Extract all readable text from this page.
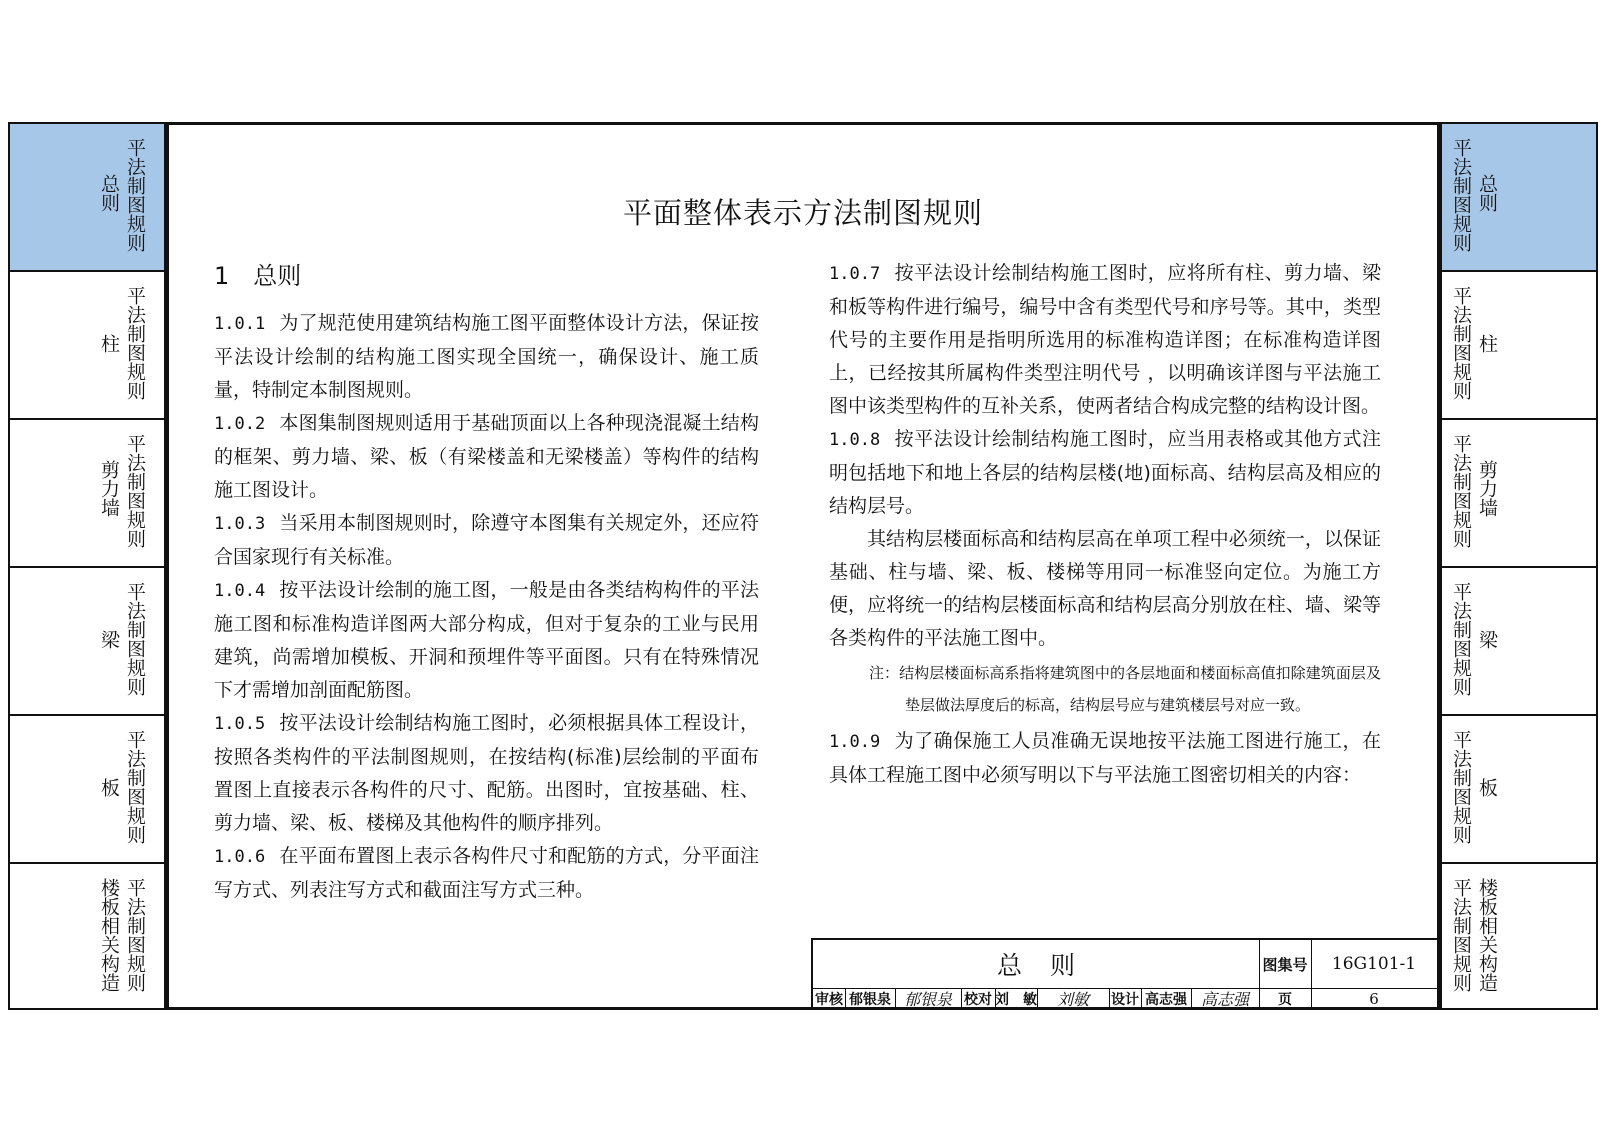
平法制图规则
总则
平法制图规则
柱
平法制图规则
剪力墙
平法制图规则
梁
平法制图规则
板
平法制图规则
楼板相关构造
平法制图规则 总则
平法制图规则 柱
平法制图规则 剪力墙
平法制图规则 梁
平法制图规则 板
平法制图规则 楼板相关构造
平面整体表示方法制图规则
1　总则

1.0.1 为了规范使用建筑结构施工图平面整体设计方法，保证按平法设计绘制的结构施工图实现全国统一，确保设计、施工质量，特制定本制图规则。

1.0.2 本图集制图规则适用于基础顶面以上各种现浇混凝土结构的框架、剪力墙、梁、板（有梁楼盖和无梁楼盖）等构件的结构施工图设计。

1.0.3 当采用本制图规则时，除遵守本图集有关规定外，还应符合国家现行有关标准。

1.0.4 按平法设计绘制的施工图，一般是由各类结构构件的平法施工图和标准构造详图两大部分构成，但对于复杂的工业与民用建筑，尚需增加模板、开洞和预埋件等平面图。只有在特殊情况下才需增加剖面配筋图。

1.0.5 按平法设计绘制结构施工图时，必须根据具体工程设计，按照各类构件的平法制图规则，在按结构(标准)层绘制的平面布置图上直接表示各构件的尺寸、配筋。出图时，宜按基础、柱、剪力墙、梁、板、楼梯及其他构件的顺序排列。

1.0.6 在平面布置图上表示各构件尺寸和配筋的方式，分平面注写方式、列表注写方式和截面注写方式三种。

1.0.7 按平法设计绘制结构施工图时，应将所有柱、剪力墙、梁和板等构件进行编号，编号中含有类型代号和序号等。其中，类型代号的主要作用是指明所选用的标准构造详图；在标准构造详图上，已经按其所属构件类型注明代号 ，以明确该详图与平法施工图中该类型构件的互补关系，使两者结合构成完整的结构设计图。

1.0.8 按平法设计绘制结构施工图时，应当用表格或其他方式注明包括地下和地上各层的结构层楼(地)面标高、结构层高及相应的结构层号。

其结构层楼面标高和结构层高在单项工程中必须统一，以保证基础、柱与墙、梁、板、楼梯等用同一标准竖向定位。为施工方便，应将统一的结构层楼面标高和结构层高分别放在柱、墙、梁等各类构件的平法施工图中。

注：结构层楼面标高系指将建筑图中的各层地面和楼面标高值扣除建筑面层及垫层做法厚度后的标高，结构层号应与建筑楼层号对应一致。

1.0.9 为了确保施工人员准确无误地按平法施工图进行施工，在具体工程施工图中必须写明以下与平法施工图密切相关的内容：

总则	图集号	16G101-1
审核 郁银泉 郁银泉 校对 刘　敏	刘敏	设计 高志强 高志强	页	6
